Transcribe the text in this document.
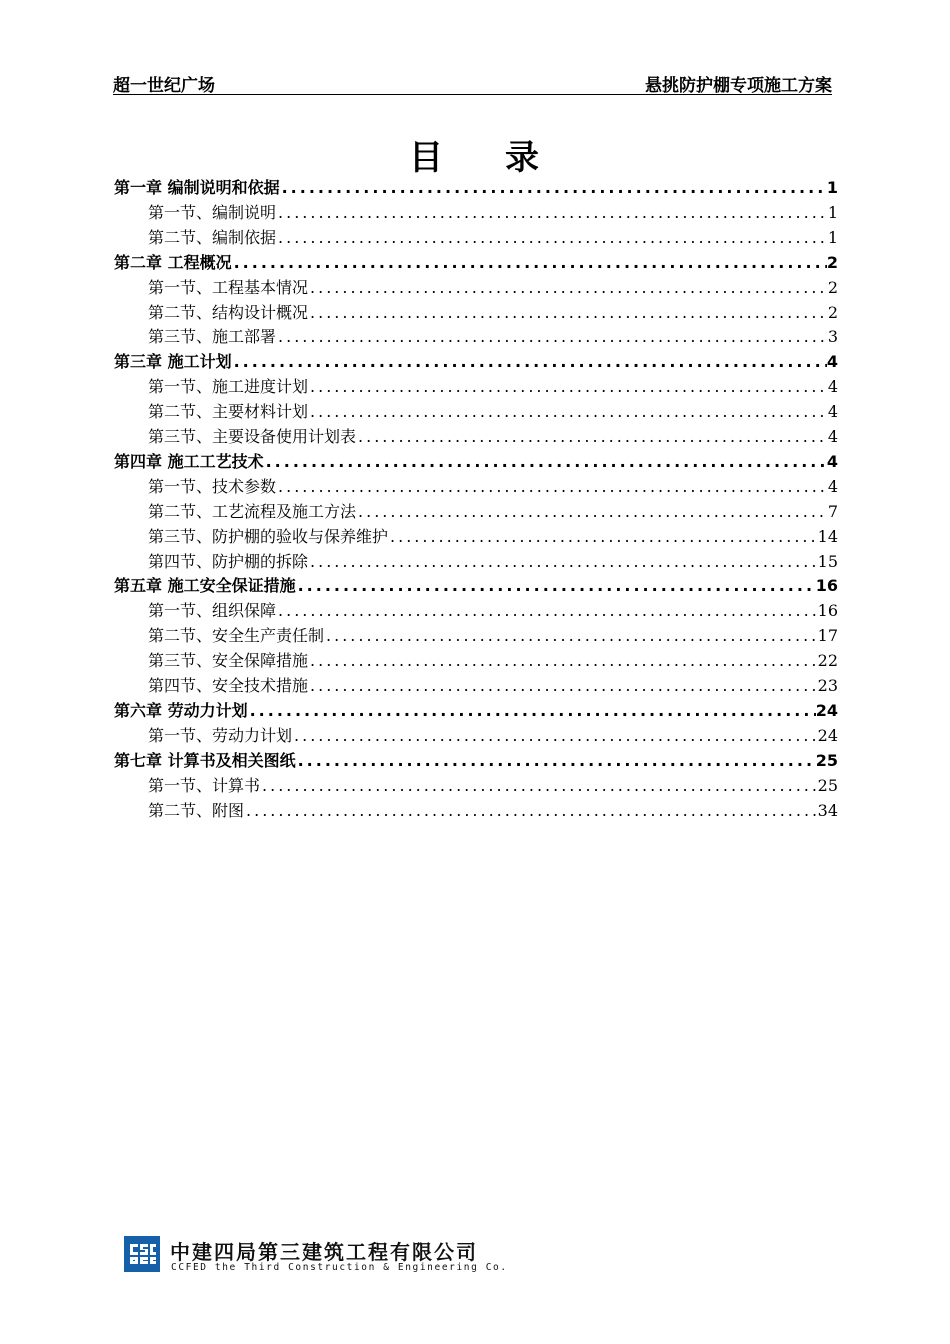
超一世纪广场	悬挑防护棚专项施工方案
目 录
第一章 编制说明和依据 .....	1
第一节、编制说明 .....	1
第二节、编制依据 .....	1
第二章 工程概况 .....	2
第一节、工程基本情况 .....	2
第二节、结构设计概况 .....	2
第三节、施工部署 .....	3
第三章 施工计划 .....	4
第一节、施工进度计划 .....	4
第二节、主要材料计划 .....	4
第三节、主要设备使用计划表 .....	4
第四章 施工工艺技术 .....	4
第一节、技术参数 .....	4
第二节、工艺流程及施工方法 .....	7
第三节、防护棚的验收与保养维护 .....	14
第四节、防护棚的拆除 .....	15
第五章 施工安全保证措施 .....	16
第一节、组织保障 .....	16
第二节、安全生产责任制 .....	17
第三节、安全保障措施 .....	22
第四节、安全技术措施 .....	23
第六章 劳动力计划 .....	24
第一节、劳动力计划 .....	24
第七章 计算书及相关图纸 .....	25
第一节、计算书 .....	25
第二节、附图 .....	34
中建四局第三建筑工程有限公司
CCFED the Third Construction & Engineering Co.
